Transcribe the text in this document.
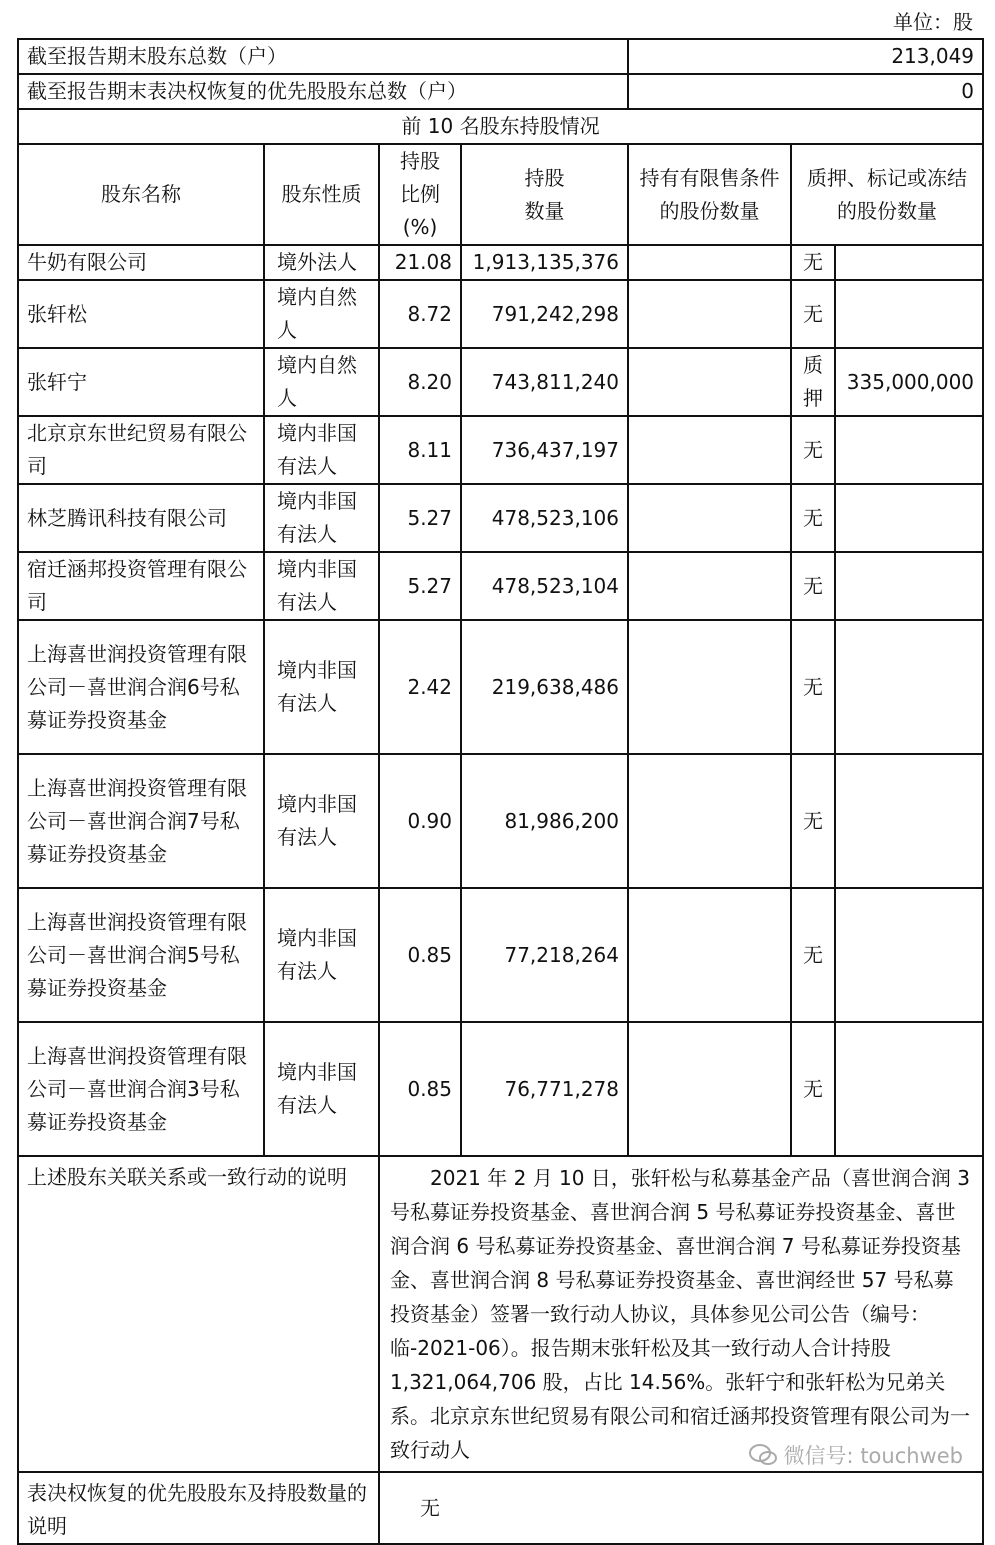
单位：股
截至报告期末股东总数（户）				213,049		
截至报告期末表决权恢复的优先股股东总数（户）				0		
前 10 名股东持股情况						
股东名称	股东性质	持股比例(%)	持股数量	持有有限售条件的股份数量	质押、标记或冻结的股份数量	
牛奶有限公司	境外法人	21.08	1,913,135,376		无	
张轩松	境内自然人	8.72	791,242,298		无	
张轩宁	境内自然人	8.20	743,811,240		质押	335,000,000
北京京东世纪贸易有限公司	境内非国有法人	8.11	736,437,197		无	
林芝腾讯科技有限公司	境内非国有法人	5.27	478,523,106		无	
宿迁涵邦投资管理有限公司	境内非国有法人	5.27	478,523,104		无	
上海喜世润投资管理有限公司－喜世润合润6号私募证券投资基金	境内非国有法人	2.42	219,638,486		无	
上海喜世润投资管理有限公司－喜世润合润7号私募证券投资基金	境内非国有法人	0.90	81,986,200		无	
上海喜世润投资管理有限公司－喜世润合润5号私募证券投资基金	境内非国有法人	0.85	77,218,264		无	
上海喜世润投资管理有限公司－喜世润合润3号私募证券投资基金	境内非国有法人	0.85	76,771,278		无	
上述股东关联关系或一致行动的说明		2021 年 2 月 10 日，张轩松与私募基金产品（喜世润合润 3 号私募证券投资基金、喜世润合润 5 号私募证券投资基金、喜世润合润 6 号私募证券投资基金、喜世润合润 7 号私募证券投资基金、喜世润合润 8 号私募证券投资基金、喜世润经世 57 号私募投资基金）签署一致行动人协议，具体参见公司公告（编号：临-2021-06）。报告期末张轩松及其一致行动人合计持股 1,321,064,706 股，占比 14.56%。张轩宁和张轩松为兄弟关系。北京京东世纪贸易有限公司和宿迁涵邦投资管理有限公司为一致行动人				
表决权恢复的优先股股东及持股数量的说明		无				
微信号: touchweb
